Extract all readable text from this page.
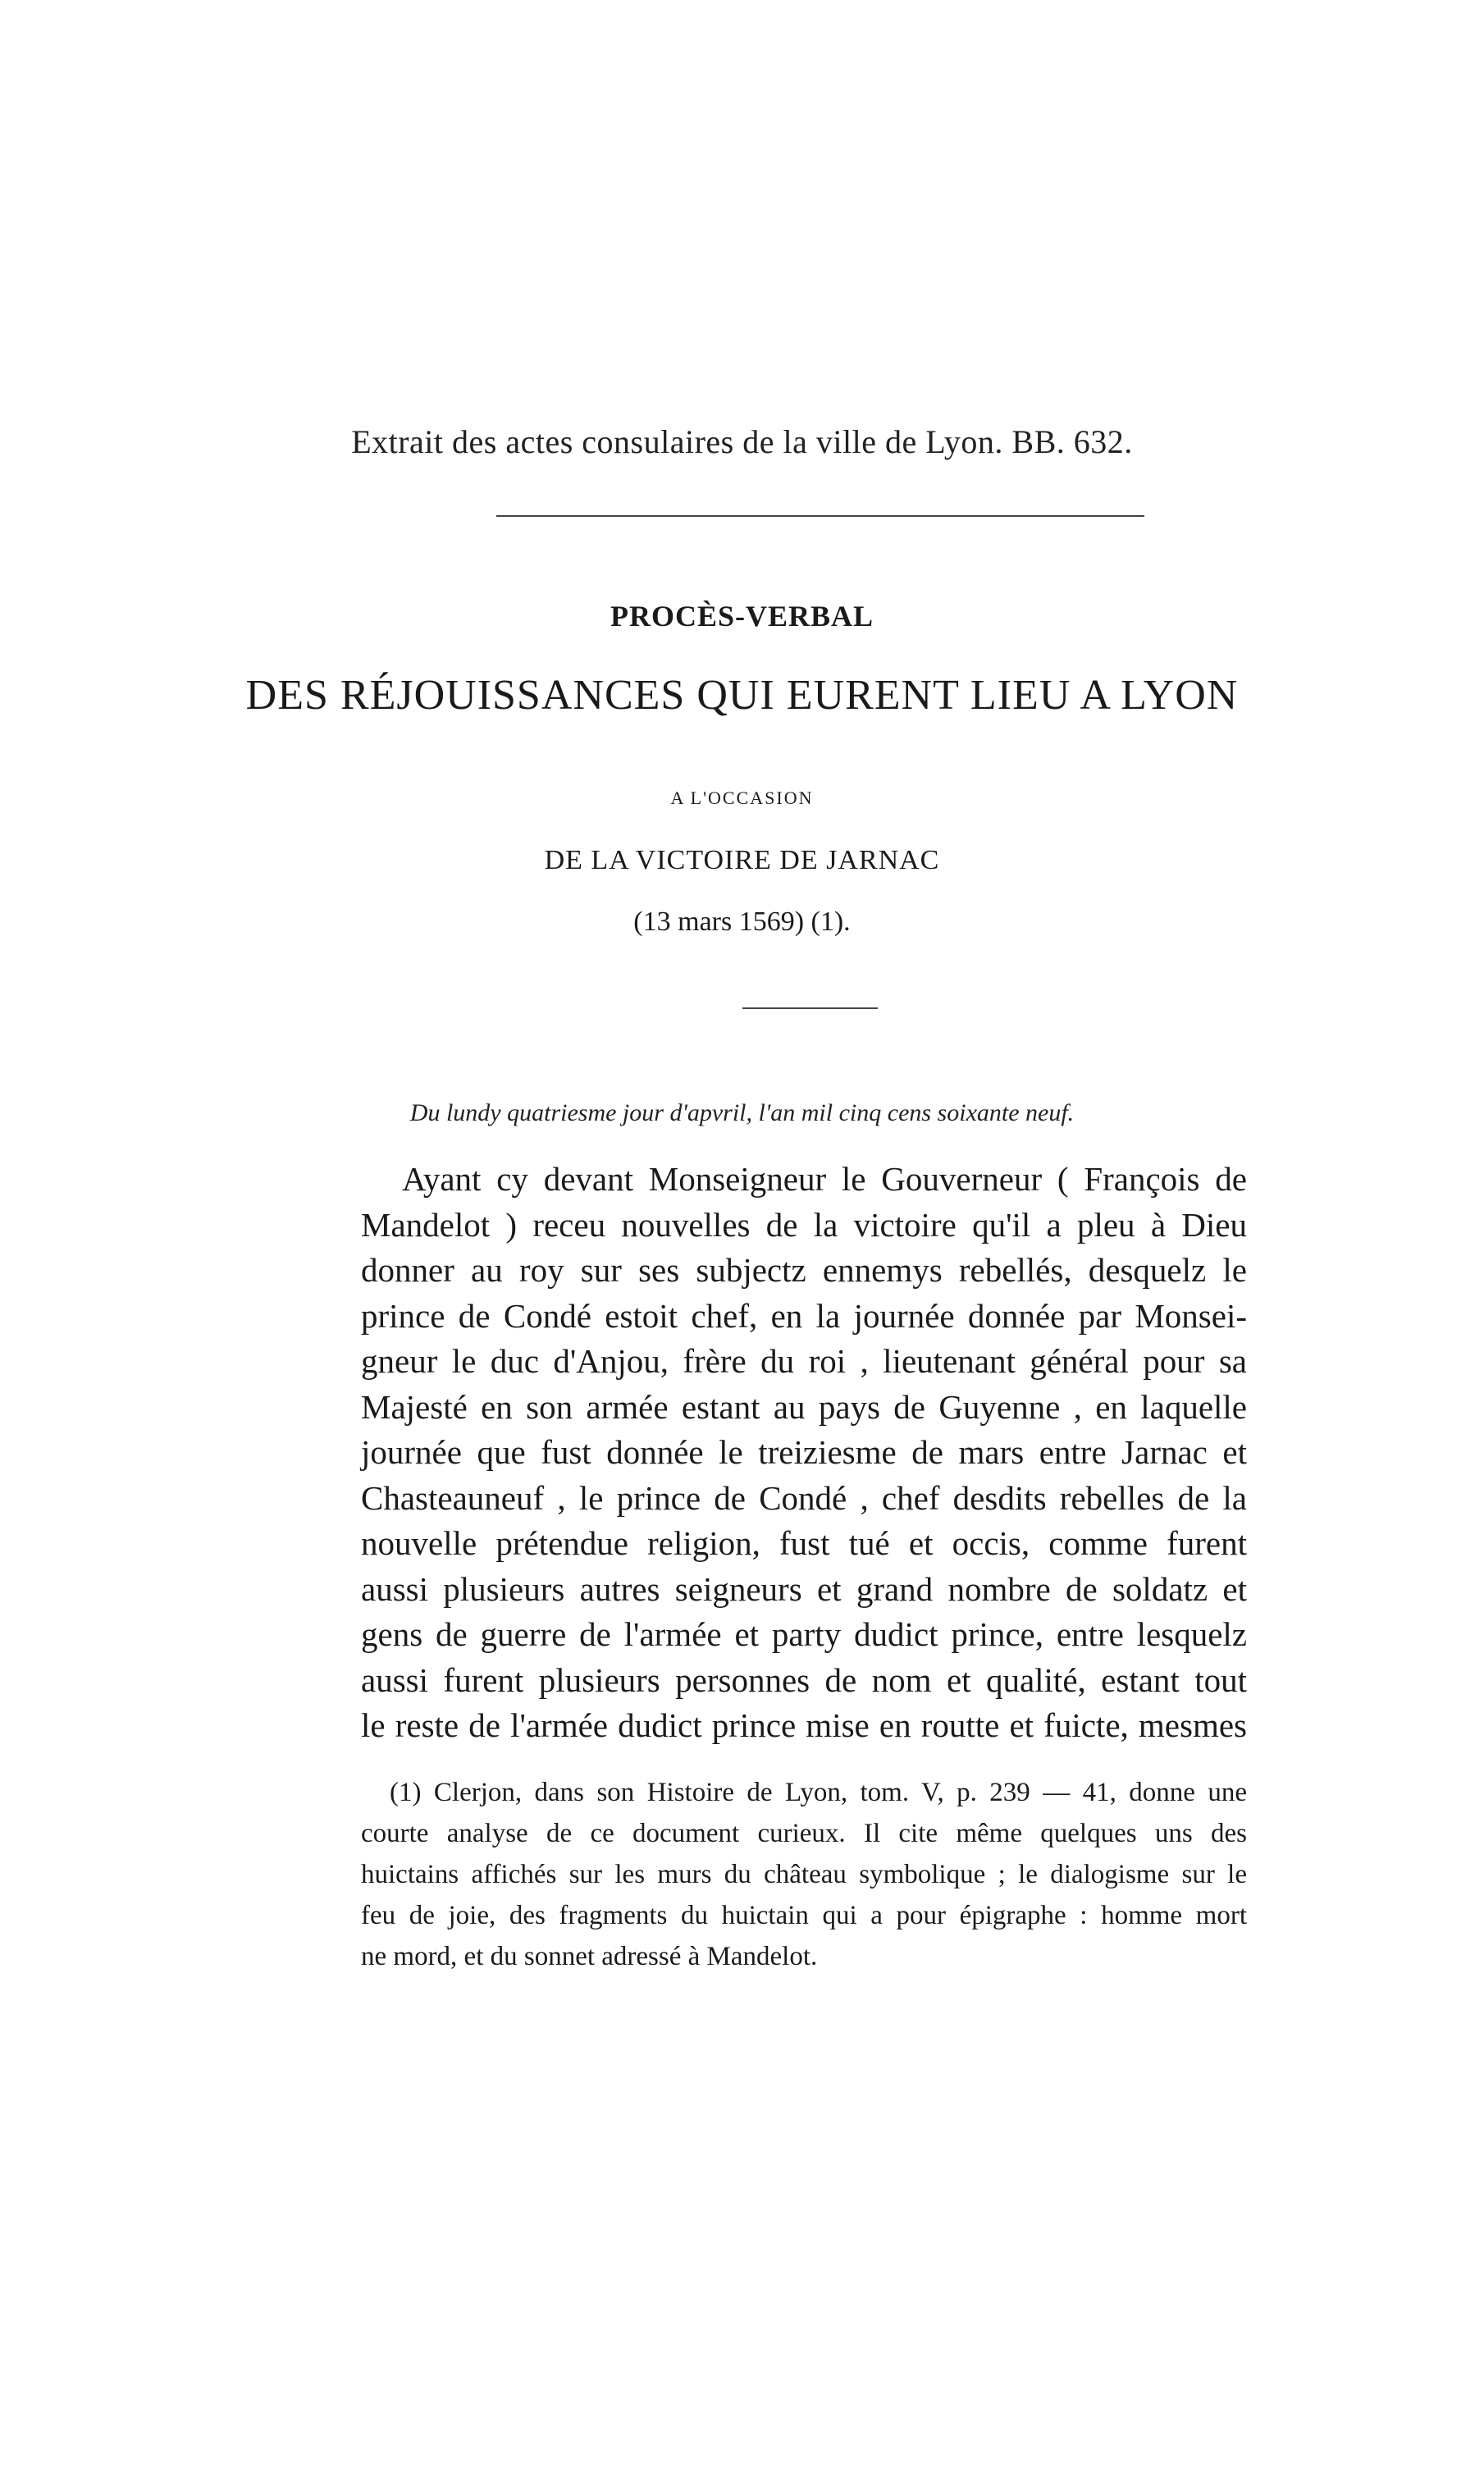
Extrait des actes consulaires de la ville de Lyon. BB. 632.
PROCÈS-VERBAL
DES RÉJOUISSANCES QUI EURENT LIEU A LYON
A L'OCCASION
DE LA VICTOIRE DE JARNAC
(13 mars 1569) (1).
Du lundy quatriesme jour d'apvril, l'an mil cinq cens soixante neuf.
Ayant cy devant Monseigneur le Gouverneur ( François de
Mandelot ) receu nouvelles de la victoire qu'il a pleu à Dieu
donner au roy sur ses subjectz ennemys rebellés, desquelz le
prince de Condé estoit chef, en la journée donnée par Monsei-
gneur le duc d'Anjou, frère du roi , lieutenant général pour sa
Majesté en son armée estant au pays de Guyenne , en laquelle
journée que fust donnée le treiziesme de mars entre Jarnac et
Chasteauneuf , le prince de Condé , chef desdits rebelles de la
nouvelle prétendue religion, fust tué et occis, comme furent
aussi plusieurs autres seigneurs et grand nombre de soldatz et
gens de guerre de l'armée et party dudict prince, entre lesquelz
aussi furent plusieurs personnes de nom et qualité, estant tout
le reste de l'armée dudict prince mise en routte et fuicte, mesmes
(1) Clerjon, dans son Histoire de Lyon, tom. V, p. 239 — 41, donne une
courte analyse de ce document curieux. Il cite même quelques uns des
huictains affichés sur les murs du château symbolique ; le dialogisme sur le
feu de joie, des fragments du huictain qui a pour épigraphe : homme mort
ne mord, et du sonnet adressé à Mandelot.
